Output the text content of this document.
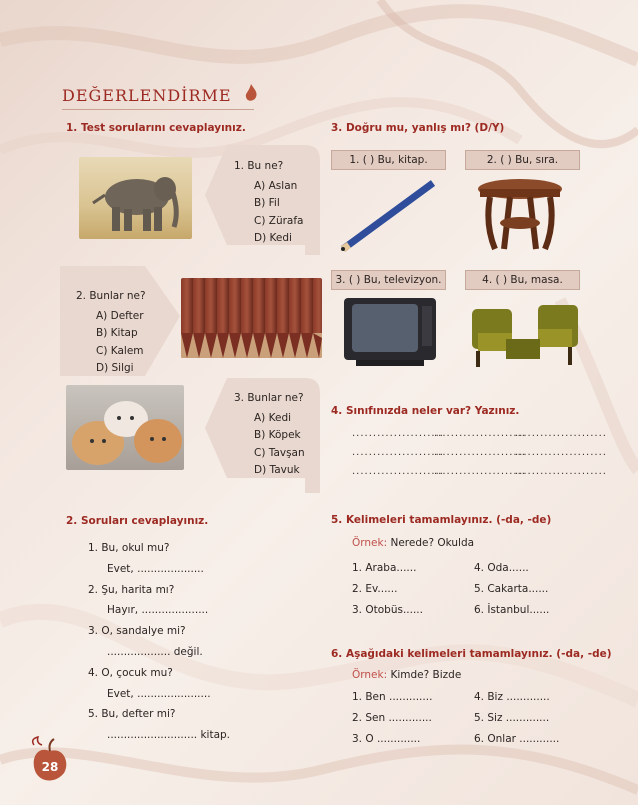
DEĞERLENDİRME
1. Test sorularını cevaplayınız.
1. Bu ne?
A) Aslan
B) Fil
C) Zürafa
D) Kedi
2. Bunlar ne?
A) Defter
B) Kitap
C) Kalem
D) Silgi
3. Bunlar ne?
A) Kedi
B) Köpek
C) Tavşan
D) Tavuk
2. Soruları cevaplayınız.
1. Bu, okul mu?
Evet, ....................
2. Şu, harita mı?
Hayır, ....................
3. O, sandalye mi?
................... değil.
4. O, çocuk mu?
Evet, ......................
5. Bu, defter mi?
........................... kitap.
3. Doğru mu, yanlış mı? (D/Y)
1. ( ) Bu, kitap.	2. ( ) Bu, sıra.
3. ( ) Bu, televizyon.	4. ( ) Bu, masa.
4. Sınıfınızda neler var? Yazınız.
......................
......................
......................
......................
......................
......................
......................
......................
......................
5. Kelimeleri tamamlayınız. (-da, -de)
Örnek: Nerede? Okulda
1. Araba......
2. Ev......
3. Otobüs......
4. Oda......
5. Cakarta......
6. İstanbul......
6. Aşağıdaki kelimeleri tamamlayınız. (-da, -de)
Örnek: Kimde? Bizde
1. Ben .............
2. Sen .............
3. O .............
4. Biz .............
5. Siz .............
6. Onlar ............
28
